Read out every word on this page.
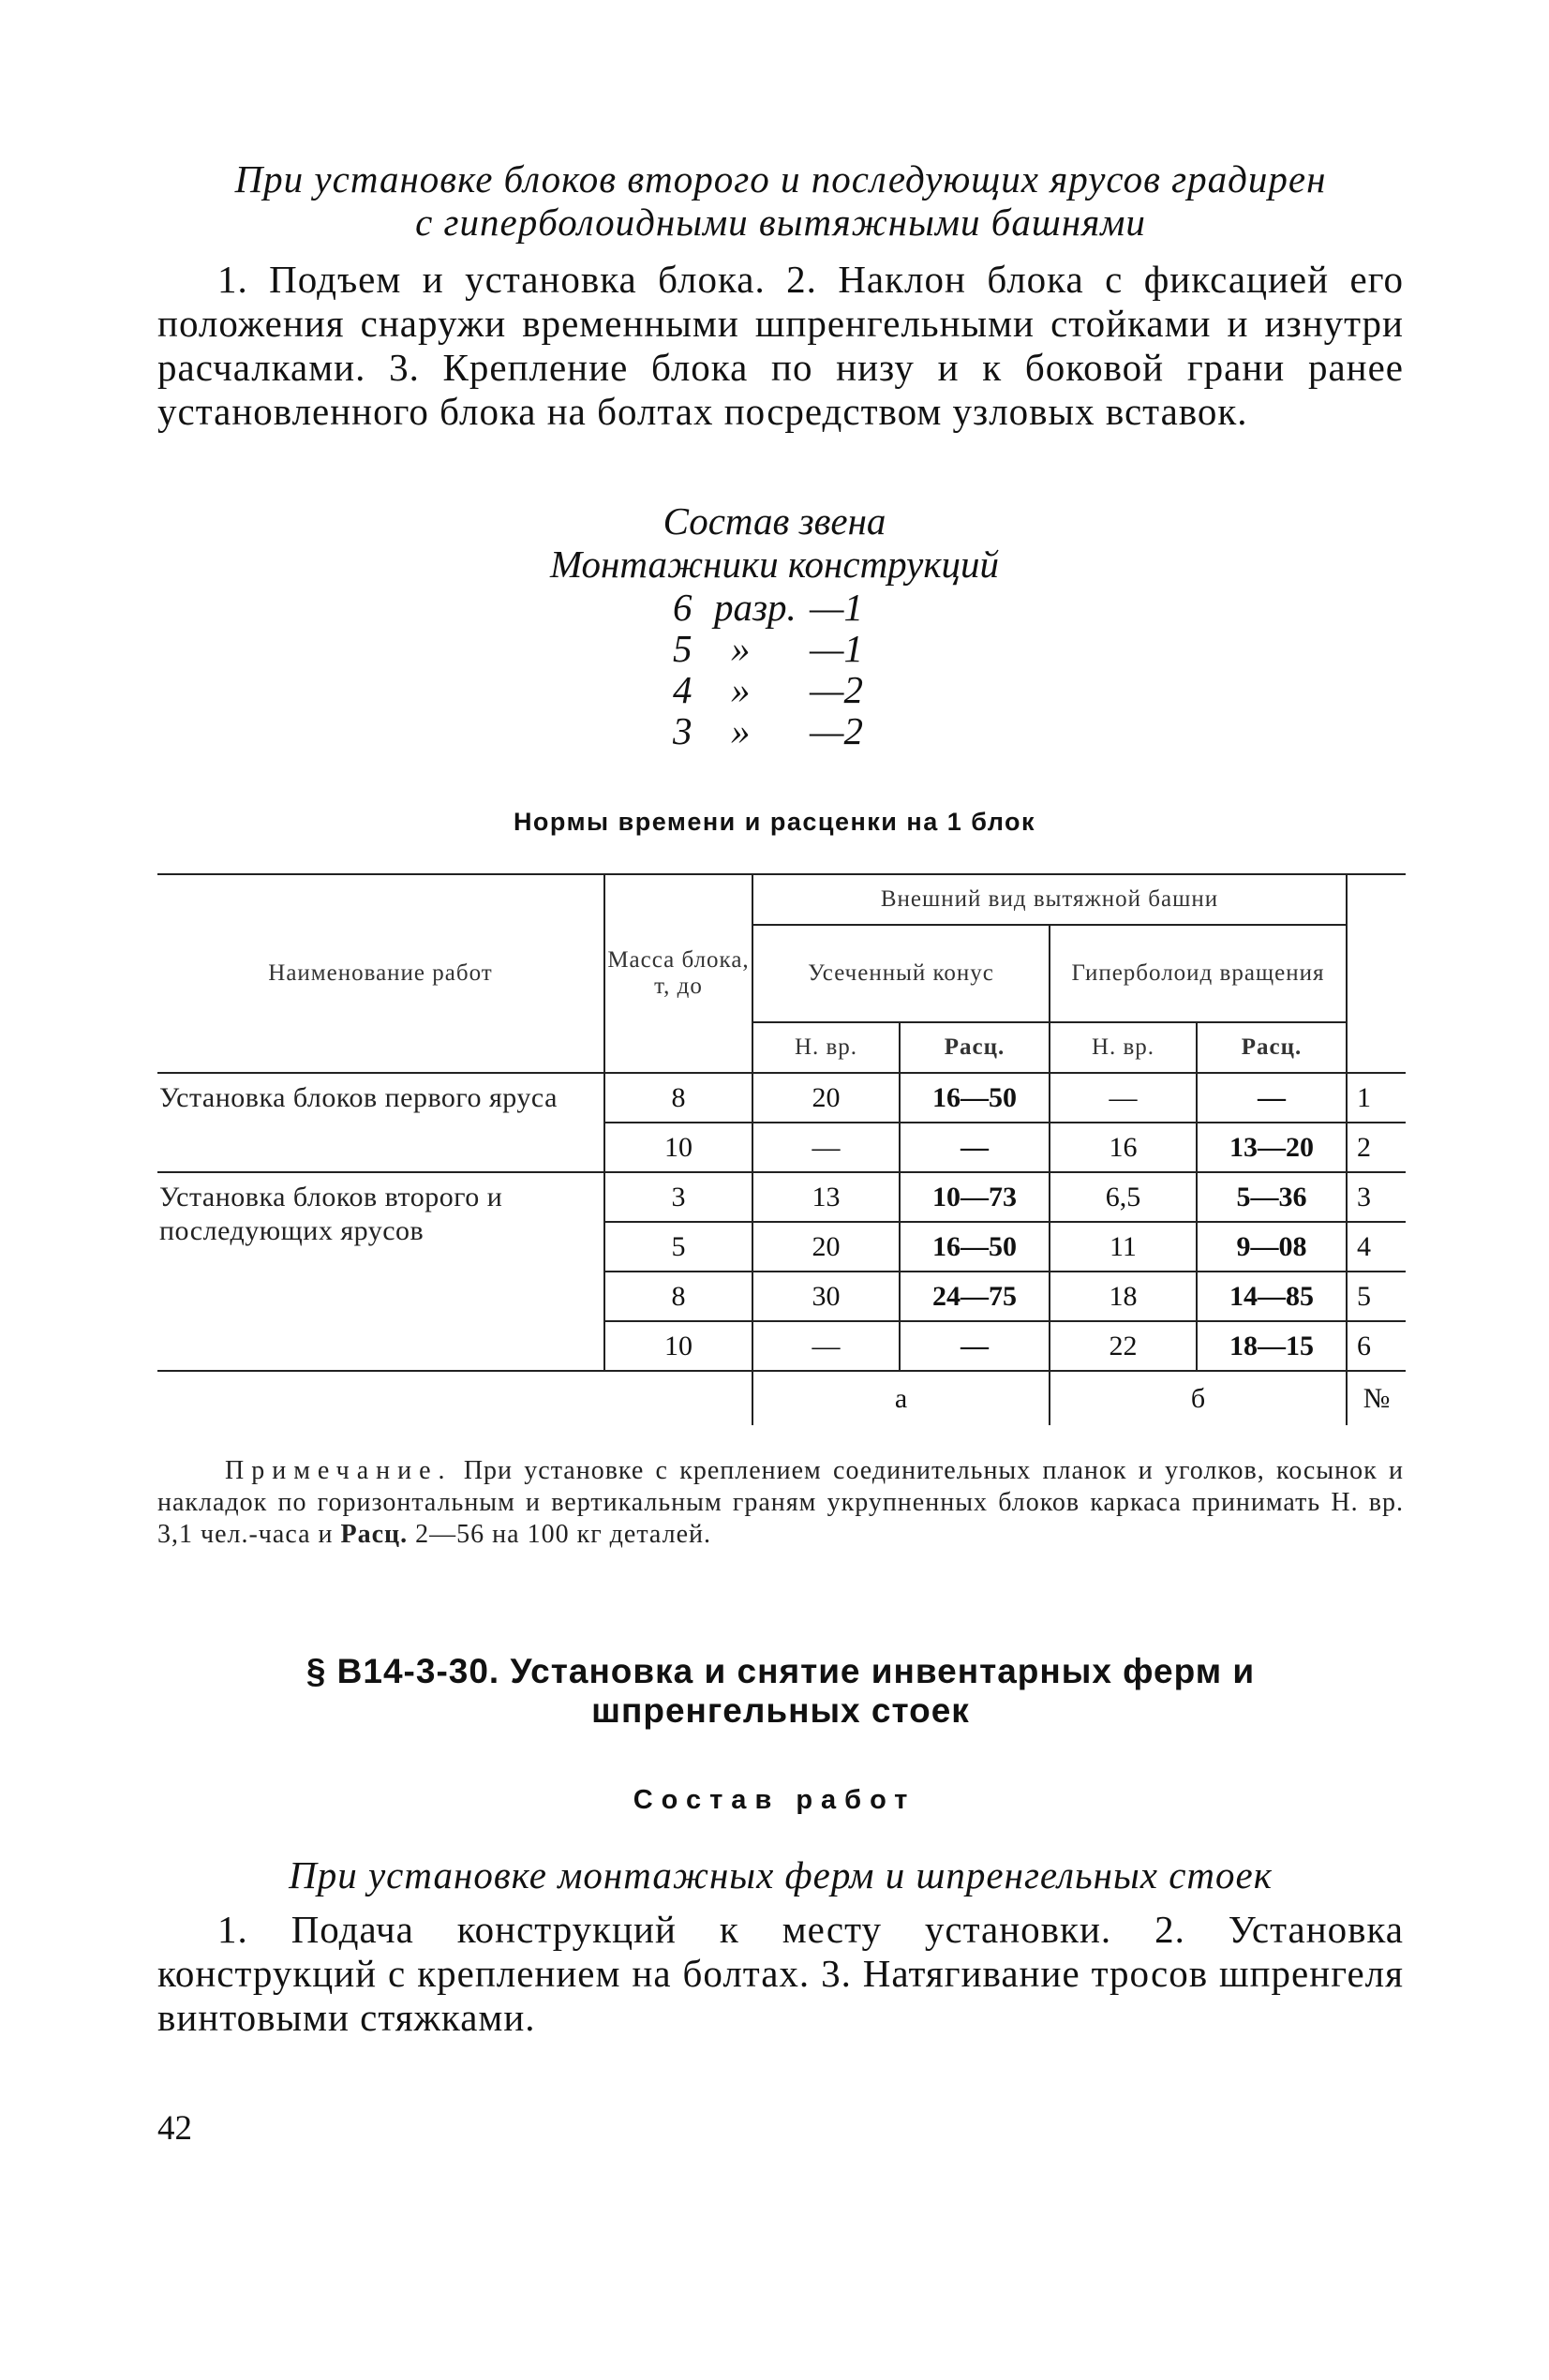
При установке блоков второго и последующих ярусов градирен
с гиперболоидными вытяжными башнями
1. Подъем и установка блока. 2. Наклон блока с фиксацией его положения снаружи временными шпренгельными стойками и изнутри расчалками. 3. Крепление блока по низу и к боковой грани ранее установленного блока на болтах посредством узловых вставок.
Состав звена
Монтажники конструкций
6 разр. —1
5 » —1
4 » —2
3 » —2
Нормы времени и расценки на 1 блок
Наименование работ	Масса блока, т, до	Внешний вид вытяжной башни				
		Усеченный конус		Гиперболоид вращения		
		Н. вр.	Расц.	Н. вр.	Расц.	
Установка блоков первого яруса	8	20	16—50	—	—	1
	10	—	—	16	13—20	2
Установка блоков второго и последующих ярусов	3	13	10—73	6,5	5—36	3
	5	20	16—50	11	9—08	4
	8	30	24—75	18	14—85	5
	10	—	—	22	18—15	6
		а		б		№
Примечание. При установке с креплением соединительных планок и уголков, косынок и накладок по горизонтальным и вертикальным граням укрупненных блоков каркаса принимать Н. вр. 3,1 чел.-часа и Расц. 2—56 на 100 кг деталей.
§ В14-3-30. Установка и снятие инвентарных ферм и
шпренгельных стоек
Состав работ
При установке монтажных ферм и шпренгельных стоек
1. Подача конструкций к месту установки. 2. Установка конструкций с креплением на болтах. 3. Натягивание тросов шпренгеля винтовыми стяжками.
42
